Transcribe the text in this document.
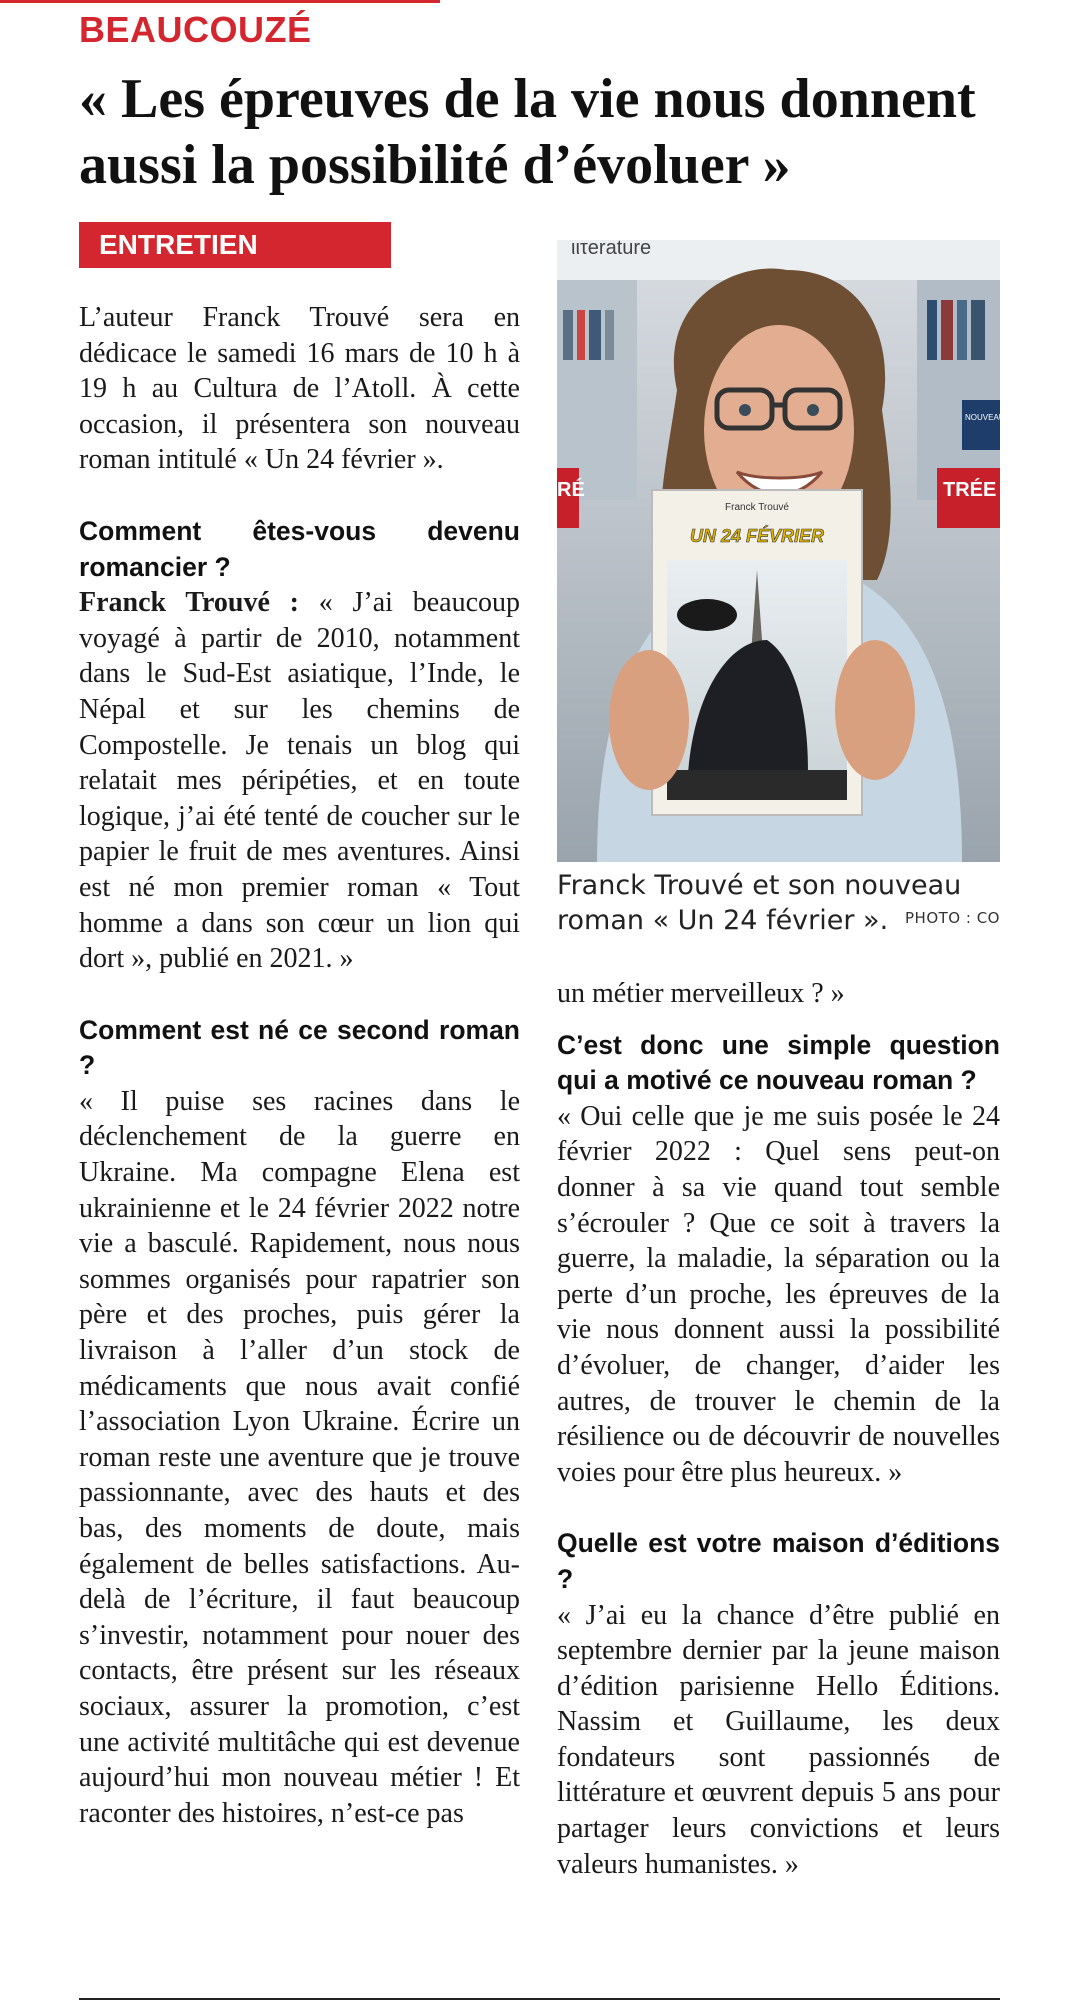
BEAUCOUZÉ
« Les épreuves de la vie nous donnent aussi la possibilité d’évoluer »
ENTRETIEN

L’auteur Franck Trouvé sera en dédicace le samedi 16 mars de 10 h à 19 h au Cultura de l’Atoll. À cette occasion, il présentera son nouveau roman intitulé « Un 24 février ».

Comment êtes-vous devenu romancier ?

Franck Trouvé : « J’ai beaucoup voyagé à partir de 2010, notamment dans le Sud-Est asiatique, l’Inde, le Népal et sur les chemins de Compostelle. Je tenais un blog qui relatait mes péripéties, et en toute logique, j’ai été tenté de coucher sur le papier le fruit de mes aventures. Ainsi est né mon premier roman « Tout homme a dans son cœur un lion qui dort », publié en 2021. »

Comment est né ce second roman ?

« Il puise ses racines dans le déclenchement de la guerre en Ukraine. Ma compagne Elena est ukrainienne et le 24 février 2022 notre vie a basculé. Rapidement, nous nous sommes organisés pour rapatrier son père et des proches, puis gérer la livraison à l’aller d’un stock de médicaments que nous avait confié l’association Lyon Ukraine. Écrire un roman reste une aventure que je trouve passionnante, avec des hauts et des bas, des moments de doute, mais également de belles satisfactions. Au-delà de l’écriture, il faut beaucoup s’investir, notamment pour nouer des contacts, être présent sur les réseaux sociaux, assurer la promotion, c’est une activité multitâche qui est devenue aujourd’hui mon nouveau métier ! Et raconter des histoires, n’est-ce pas

ιιτerature
NOUVEAUT
RÉ	TRÉE
Franck Trouvé
UN 24 FÉVRIER
Franck Trouvé et son nouveau roman « Un 24 février ». PHOTO : CO

un métier merveilleux ? »

C’est donc une simple question qui a motivé ce nouveau roman ?

« Oui celle que je me suis posée le 24 février 2022 : Quel sens peut-on donner à sa vie quand tout semble s’écrouler ? Que ce soit à travers la guerre, la maladie, la séparation ou la perte d’un proche, les épreuves de la vie nous donnent aussi la possibilité d’évoluer, de changer, d’aider les autres, de trouver le chemin de la résilience ou de découvrir de nouvelles voies pour être plus heureux. »

Quelle est votre maison d’éditions ?

« J’ai eu la chance d’être publié en septembre dernier par la jeune maison d’édition parisienne Hello Éditions. Nassim et Guillaume, les deux fondateurs sont passionnés de littérature et œuvrent depuis 5 ans pour partager leurs convictions et leurs valeurs humanistes. »
